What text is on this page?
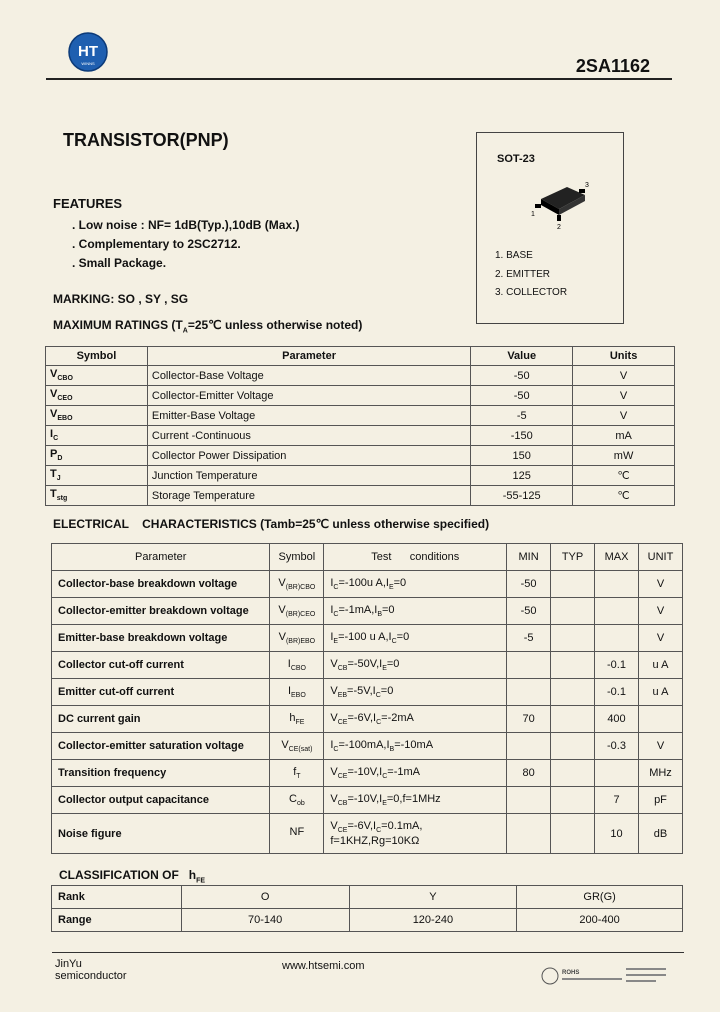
HT
WINNS	2SA1162
TRANSISTOR(PNP)
SOT-23
1
2
3
1. BASE
2. EMITTER
3. COLLECTOR
FEATURES
. Low noise : NF= 1dB(Typ.),10dB (Max.)
. Complementary to 2SC2712.
. Small Package.
MARKING: SO , SY , SG
MAXIMUM RATINGS ($T_A=25℃$ unless otherwise noted)
Symbol	Parameter	Value	Units
$V_{CBO}$	Collector-Base Voltage	-50	V
$V_{CEO}$	Collector-Emitter Voltage	-50	V
$V_{EBO}$	Emitter-Base Voltage	-5	V
$I_C$	Current -Continuous	-150	mA
$P_D$	Collector Power Dissipation	150	mW
$T_J$	Junction Temperature	125	℃
$T_{stg}$	Storage Temperature	-55-125	℃
ELECTRICAL    CHARACTERISTICS (Tamb=25℃ unless otherwise specified)
Parameter	Symbol	Test      conditions	MIN	TYP	MAX	UNIT
Collector-base breakdown voltage	$V_{(BR)CBO}$	$I_C=-100u$ $A,I_E=0$	-50			V
Collector-emitter breakdown voltage	$V_{(BR)CEO}$	$I_C=-1mA,I_B=0$	-50			V
Emitter-base breakdown voltage	$V_{(BR)EBO}$	$I_E=-100$ u $A,I_C=0$	-5			V
Collector cut-off current	$I_{CBO}$	$V_{CB}=-50V,I_E=0$			-0.1	u A
Emitter cut-off current	$I_{EBO}$	$V_{EB}=-5V,I_C=0$			-0.1	u A
DC current gain	$h_{FE}$	$V_{CE}=-6V,I_C=-2mA$	70		400	
Collector-emitter saturation voltage	$V_{CE(sat)}$	$I_C=-100mA,I_B=-10mA$			-0.3	V
Transition frequency	$f_T$	$V_{CE}=-10V,I_C=-1mA$	80			MHz
Collector output capacitance	$C_{ob}$	$V_{CB}=-10V,I_E=0,f=1MHz$			7	pF
Noise figure	NF	$V_{CE}=-6V,I_C=0.1mA$,
f=1KHZ,Rg=10KΩ			10	dB
CLASSIFICATION OF $h_{FE}$
Rank	O	Y	GR(G)
Range	70-140	120-240	200-400
JinYu
semiconductor
www.htsemi.com
ROHS
